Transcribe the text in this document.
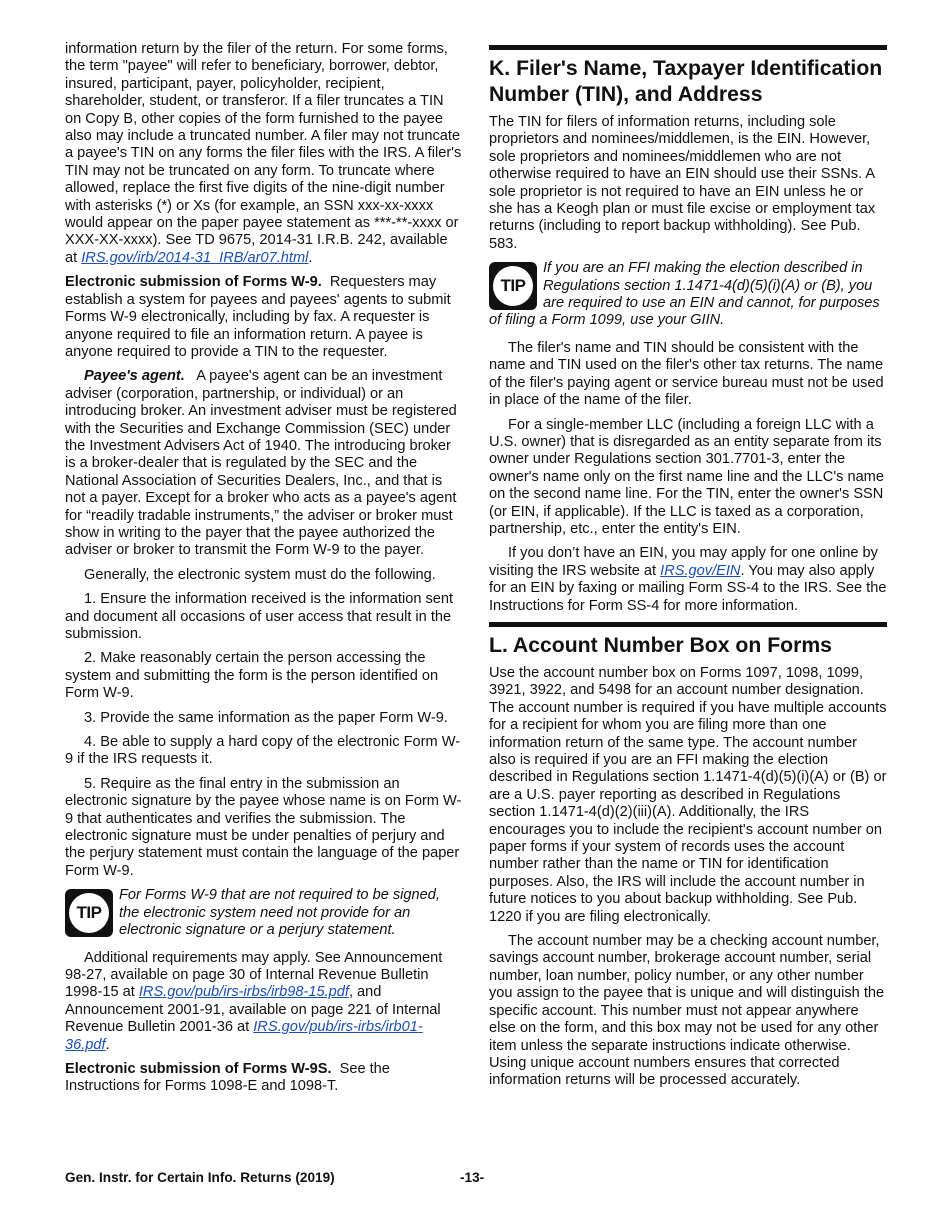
information return by the filer of the return. For some forms, the term "payee" will refer to beneficiary, borrower, debtor, insured, participant, payer, policyholder, recipient, shareholder, student, or transferor. If a filer truncates a TIN on Copy B, other copies of the form furnished to the payee also may include a truncated number. A filer may not truncate a payee's TIN on any forms the filer files with the IRS. A filer's TIN may not be truncated on any form. To truncate where allowed, replace the first five digits of the nine-digit number with asterisks (*) or Xs (for example, an SSN xxx-xx-xxxx would appear on the paper payee statement as ***-**-xxxx or XXX-XX-xxxx). See TD 9675, 2014-31 I.R.B. 242, available at IRS.gov/irb/2014-31_IRB/ar07.html.

Electronic submission of Forms W-9. Requesters may establish a system for payees and payees' agents to submit Forms W-9 electronically, including by fax. A requester is anyone required to file an information return. A payee is anyone required to provide a TIN to the requester.

Payee's agent. A payee's agent can be an investment adviser (corporation, partnership, or individual) or an introducing broker. An investment adviser must be registered with the Securities and Exchange Commission (SEC) under the Investment Advisers Act of 1940. The introducing broker is a broker-dealer that is regulated by the SEC and the National Association of Securities Dealers, Inc., and that is not a payer. Except for a broker who acts as a payee's agent for “readily tradable instruments,” the adviser or broker must show in writing to the payer that the payee authorized the adviser or broker to transmit the Form W-9 to the payer.

Generally, the electronic system must do the following.

1. Ensure the information received is the information sent and document all occasions of user access that result in the submission.

2. Make reasonably certain the person accessing the system and submitting the form is the person identified on Form W-9.

3. Provide the same information as the paper Form W-9.

4. Be able to supply a hard copy of the electronic Form W-9 if the IRS requests it.

5. Require as the final entry in the submission an electronic signature by the payee whose name is on Form W-9 that authenticates and verifies the submission. The electronic signature must be under penalties of perjury and the perjury statement must contain the language of the paper Form W-9.

TIP
For Forms W-9 that are not required to be signed, the electronic system need not provide for an electronic signature or a perjury statement.

Additional requirements may apply. See Announcement 98-27, available on page 30 of Internal Revenue Bulletin 1998-15 at IRS.gov/pub/irs-irbs/irb98-15.pdf, and Announcement 2001-91, available on page 221 of Internal Revenue Bulletin 2001-36 at IRS.gov/pub/irs-irbs/irb01-36.pdf.

Electronic submission of Forms W-9S. See the Instructions for Forms 1098-E and 1098-T.

K. Filer's Name, Taxpayer Identification Number (TIN), and Address

The TIN for filers of information returns, including sole proprietors and nominees/middlemen, is the EIN. However, sole proprietors and nominees/middlemen who are not otherwise required to have an EIN should use their SSNs. A sole proprietor is not required to have an EIN unless he or she has a Keogh plan or must file excise or employment tax returns (including to report backup withholding). See Pub. 583.

TIP
If you are an FFI making the election described in Regulations section 1.1471-4(d)(5)(i)(A) or (B), you are required to use an EIN and cannot, for purposes of filing a Form 1099, use your GIIN.

The filer's name and TIN should be consistent with the name and TIN used on the filer's other tax returns. The name of the filer's paying agent or service bureau must not be used in place of the name of the filer.

For a single-member LLC (including a foreign LLC with a U.S. owner) that is disregarded as an entity separate from its owner under Regulations section 301.7701-3, enter the owner's name only on the first name line and the LLC's name on the second name line. For the TIN, enter the owner's SSN (or EIN, if applicable). If the LLC is taxed as a corporation, partnership, etc., enter the entity's EIN.

If you don’t have an EIN, you may apply for one online by visiting the IRS website at IRS.gov/EIN. You may also apply for an EIN by faxing or mailing Form SS-4 to the IRS. See the Instructions for Form SS-4 for more information.

L. Account Number Box on Forms

Use the account number box on Forms 1097, 1098, 1099, 3921, 3922, and 5498 for an account number designation. The account number is required if you have multiple accounts for a recipient for whom you are filing more than one information return of the same type. The account number also is required if you are an FFI making the election described in Regulations section 1.1471-4(d)(5)(i)(A) or (B) or are a U.S. payer reporting as described in Regulations section 1.1471-4(d)(2)(iii)(A). Additionally, the IRS encourages you to include the recipient's account number on paper forms if your system of records uses the account number rather than the name or TIN for identification purposes. Also, the IRS will include the account number in future notices to you about backup withholding. See Pub. 1220 if you are filing electronically.

The account number may be a checking account number, savings account number, brokerage account number, serial number, loan number, policy number, or any other number you assign to the payee that is unique and will distinguish the specific account. This number must not appear anywhere else on the form, and this box may not be used for any other item unless the separate instructions indicate otherwise. Using unique account numbers ensures that corrected information returns will be processed accurately.

Gen. Instr. for Certain Info. Returns (2019)	-13-
